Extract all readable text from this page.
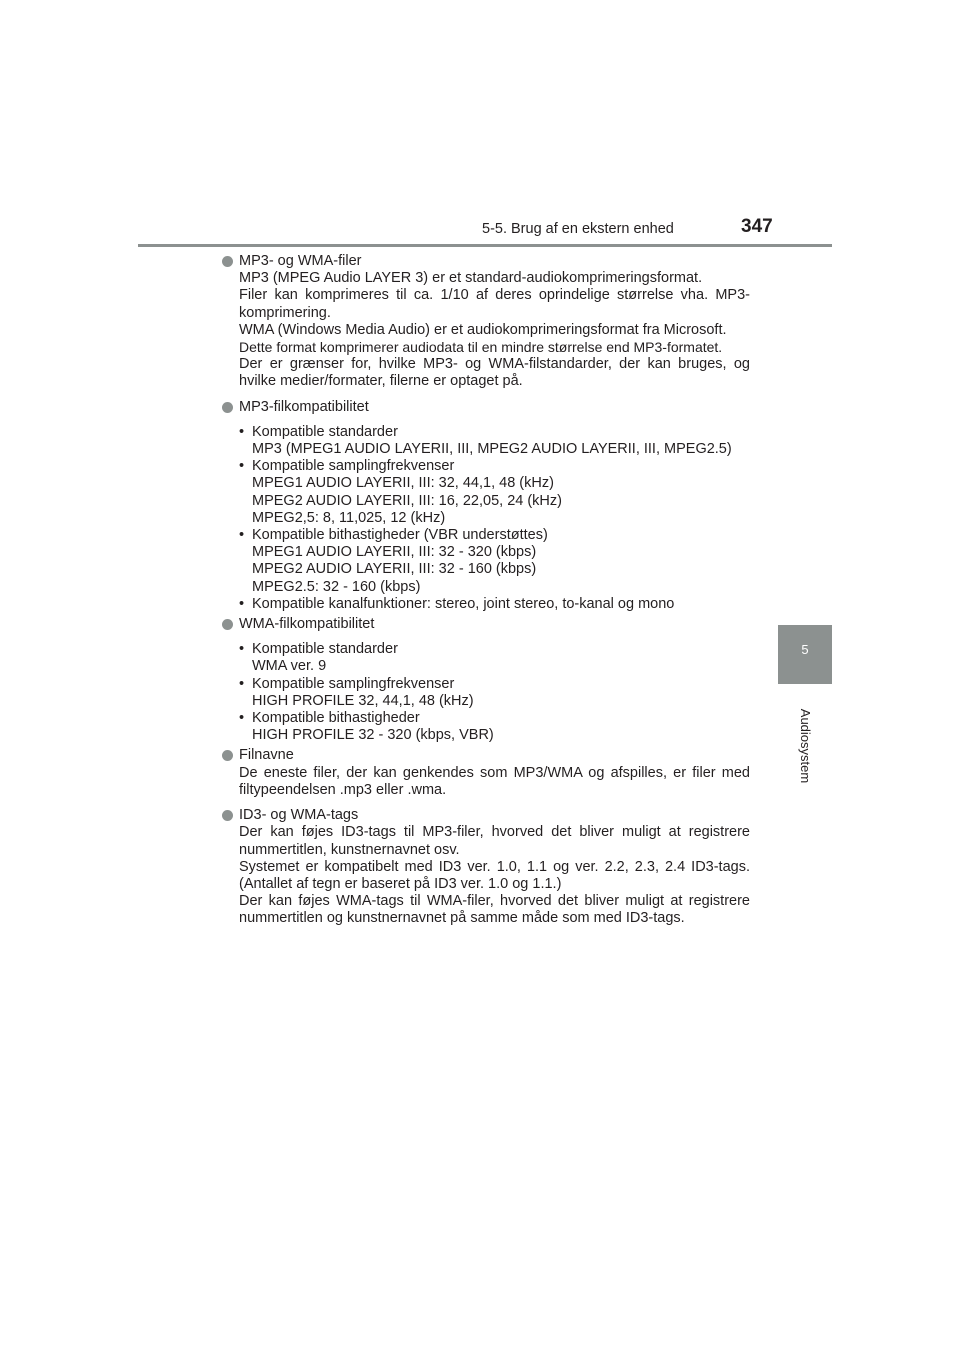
5-5. Brug af en ekstern enhed	347
5
Audiosystem
MP3- og WMA-filer
MP3 (MPEG Audio LAYER 3) er et standard-audiokomprimeringsformat.
Filer kan komprimeres til ca. 1/10 af deres oprindelige størrelse vha. MP3-komprimering.
WMA (Windows Media Audio) er et audiokomprimeringsformat fra Microsoft.
Dette format komprimerer audiodata til en mindre størrelse end MP3-formatet.
Der er grænser for, hvilke MP3- og WMA-filstandarder, der kan bruges, og hvilke medier/formater, filerne er optaget på.
MP3-filkompatibilitet
• Kompatible standarder
MP3 (MPEG1 AUDIO LAYERII, III, MPEG2 AUDIO LAYERII, III, MPEG2.5)
• Kompatible samplingfrekvenser
MPEG1 AUDIO LAYERII, III: 32, 44,1, 48 (kHz)
MPEG2 AUDIO LAYERII, III: 16, 22,05, 24 (kHz)
MPEG2,5: 8, 11,025, 12 (kHz)
• Kompatible bithastigheder (VBR understøttes)
MPEG1 AUDIO LAYERII, III: 32 - 320 (kbps)
MPEG2 AUDIO LAYERII, III: 32 - 160 (kbps)
MPEG2.5: 32 - 160 (kbps)
• Kompatible kanalfunktioner: stereo, joint stereo, to-kanal og mono
WMA-filkompatibilitet
• Kompatible standarder
WMA ver. 9
• Kompatible samplingfrekvenser
HIGH PROFILE 32, 44,1, 48 (kHz)
• Kompatible bithastigheder
HIGH PROFILE 32 - 320 (kbps, VBR)
Filnavne
De eneste filer, der kan genkendes som MP3/WMA og afspilles, er filer med filtypeendelsen .mp3 eller .wma.
ID3- og WMA-tags
Der kan føjes ID3-tags til MP3-filer, hvorved det bliver muligt at registrere nummertitlen, kunstnernavnet osv.
Systemet er kompatibelt med ID3 ver. 1.0, 1.1 og ver. 2.2, 2.3, 2.4 ID3-tags. (Antallet af tegn er baseret på ID3 ver. 1.0 og 1.1.)
Der kan føjes WMA-tags til WMA-filer, hvorved det bliver muligt at registrere nummertitlen og kunstnernavnet på samme måde som med ID3-tags.
